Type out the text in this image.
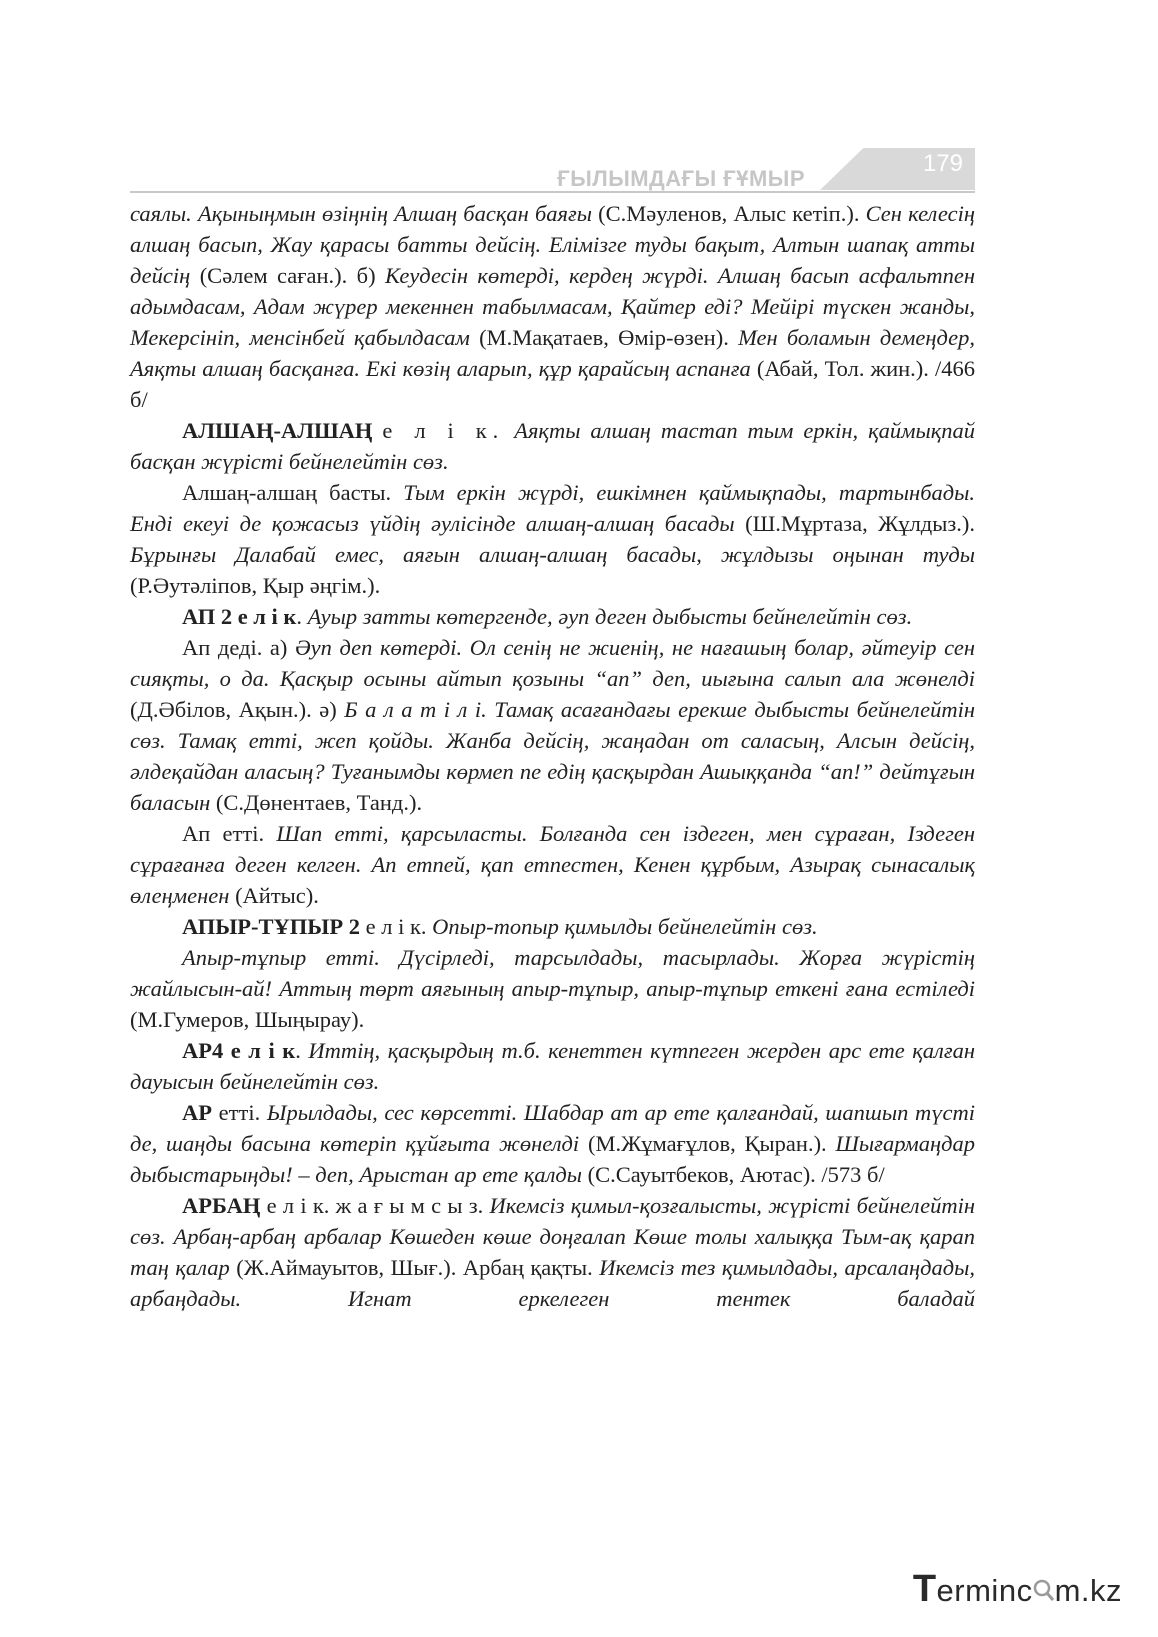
ҒЫЛЫМДАҒЫ ҒҰМЫР
179

саялы. Ақыныңмын өзіңнің Алшаң басқан баяғы (С.Мәуленов, Алыс кетіп.). Сен келесің алшаң басып, Жау қарасы батты дейсің. Елімізге туды бақыт, Алтын шапақ атты дейсің (Сәлем саған.). б) Кеудесін көтерді, кердең жүрді. Алшаң басып асфальтпен адымдасам, Адам жүрер мекеннен табылмасам, Қайтер еді? Мейірі түскен жанды, Мекерсініп, менсінбей қабылдасам (М.Мақатаев, Өмір-өзен). Мен боламын демеңдер, Аяқты алшаң басқанға. Екі көзің аларып, құр қарайсың аспанға (Абай, Тол. жин.). /466 б/

АЛШАҢ-АЛШАҢ е л і к. Аяқты алшаң тастап тым еркін, қаймықпай басқан жүрісті бейнелейтін сөз.

Алшаң-алшаң басты. Тым еркін жүрді, ешкімнен қаймықпады, тартынбады. Енді екеуі де қожасыз үйдің әулісінде алшаң-алшаң басады (Ш.Мұртаза, Жұлдыз.). Бұрынғы Далабай емес, аяғын алшаң-алшаң басады, жұлдызы оңынан туды (Р.Әутәліпов, Қыр әңгім.).

АП 2 е л і к. Ауыр затты көтергенде, әуп деген дыбысты бейнелейтін сөз.

Ап деді. а) Әуп деп көтерді. Ол сенің не жиенің, не нағашың болар, әйтеуір сен сияқты, о да. Қасқыр осыны айтып қозыны “ап” деп, иығына салып ала жөнелді (Д.Әбілов, Ақын.). ә) Б а л а т і л і. Тамақ асағандағы ерекше дыбысты бейнелейтін сөз. Тамақ етті, жеп қойды. Жанба дейсің, жаңадан от саласың, Алсын дейсің, әлдеқайдан аласың? Туғанымды көрмеп пе едің қасқырдан Ашыққанда “ап!” дейтұғын баласын (С.Дөнентаев, Танд.).

Ап етті. Шап етті, қарсыласты. Болғанда сен іздеген, мен сұраған, Іздеген сұрағанға деген келген. Ап етпей, қап етпестен, Кенен құрбым, Азырақ сынасалық өлеңменен (Айтыс).

АПЫР-ТҰПЫР 2 е л і к. Опыр-топыр қимылды бейнелейтін сөз.

Апыр-тұпыр етті. Дүсірледі, тарсылдады, тасырлады. Жорға жүрістің жайлысын-ай! Аттың төрт аяғының апыр-тұпыр, апыр-тұпыр еткені ғана естіледі (М.Гумеров, Шыңырау).

АР4 е л і к. Иттің, қасқырдың т.б. кенеттен күтпеген жерден арс ете қалған дауысын бейнелейтін сөз.

АР етті. Ырылдады, сес көрсетті. Шабдар ат ар ете қалғандай, шапшып түсті де, шаңды басына көтеріп құйғыта жөнелді (М.Жұмағұлов, Қыран.). Шығармаңдар дыбыстарыңды! – деп, Арыстан ар ете қалды (С.Сауытбеков, Аютас). /573 б/

АРБАҢ е л і к. ж а ғ ы м с ы з. Икемсіз қимыл-қозғалысты, жүрісті бейнелейтін сөз. Арбаң-арбаң арбалар Көшеден көше доңғалап Көше толы халыққа Тым-ақ қарап таң қалар (Ж.Аймауытов, Шығ.). Арбаң қақты. Икемсіз тез қимылдады, арсалаңдады, арбаңдады. Игнат еркелеген тентек баладай

Terminc m.kz
